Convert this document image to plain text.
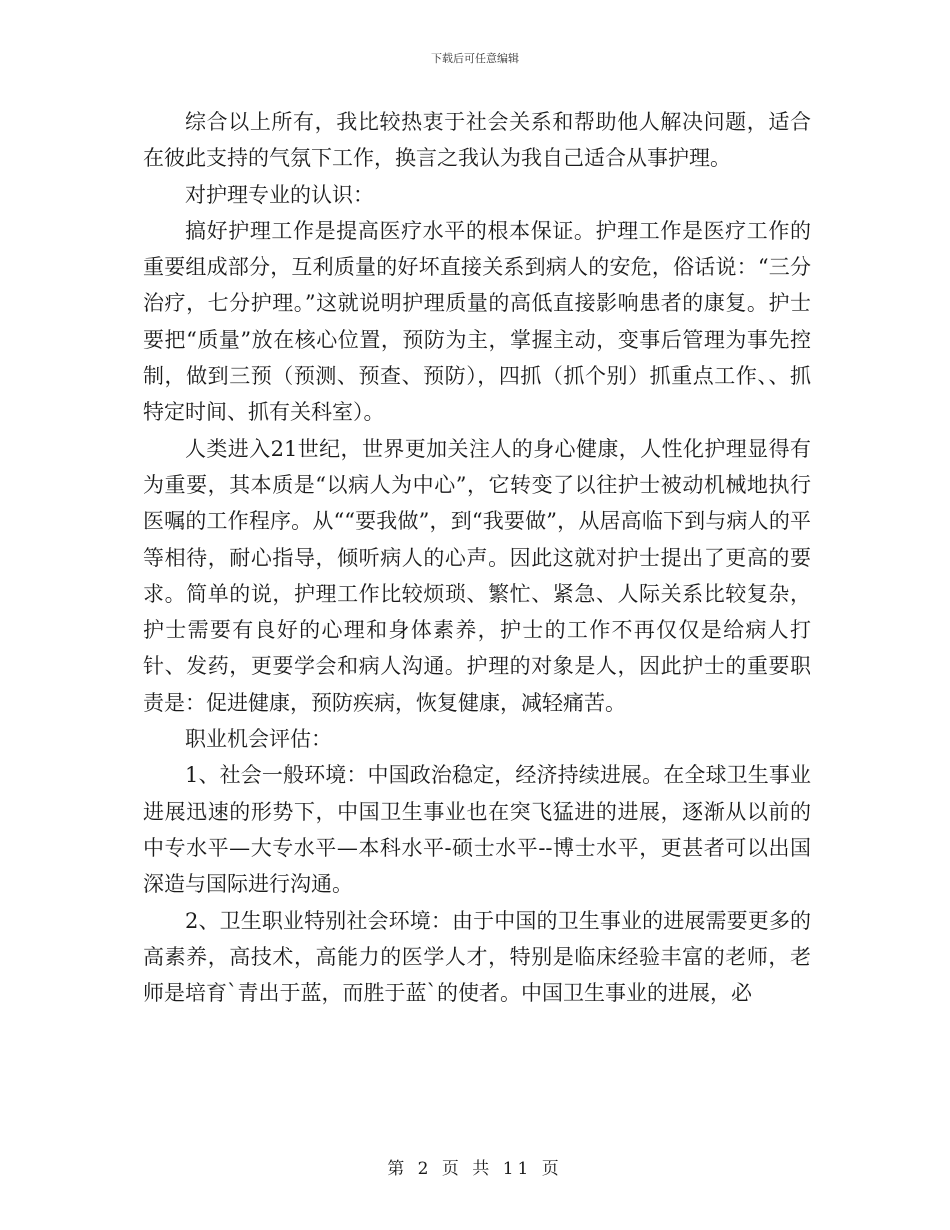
下载后可任意编辑

综合以上所有，我比较热衷于社会关系和帮助他人解决问题，适合在彼此支持的气氛下工作，换言之我认为我自己适合从事护理。

对护理专业的认识：

搞好护理工作是提高医疗水平的根本保证。护理工作是医疗工作的重要组成部分，互利质量的好坏直接关系到病人的安危，俗话说：“三分治疗，七分护理。”这就说明护理质量的高低直接影响患者的康复。护士要把“质量”放在核心位置，预防为主，掌握主动，变事后管理为事先控制，做到三预（预测、预查、预防），四抓（抓个别）抓重点工作、、抓特定时间、抓有关科室）。

人类进入21世纪，世界更加关注人的身心健康，人性化护理显得有为重要，其本质是“以病人为中心”，它转变了以往护士被动机械地执行医嘱的工作程序。从““要我做”，到“我要做”，从居高临下到与病人的平等相待，耐心指导，倾听病人的心声。因此这就对护士提出了更高的要求。简单的说，护理工作比较烦琐、繁忙、紧急、人际关系比较复杂，护士需要有良好的心理和身体素养，护士的工作不再仅仅是给病人打针、发药，更要学会和病人沟通。护理的对象是人，因此护士的重要职责是：促进健康，预防疾病，恢复健康，减轻痛苦。

职业机会评估：

1、社会一般环境：中国政治稳定，经济持续进展。在全球卫生事业进展迅速的形势下，中国卫生事业也在突飞猛进的进展，逐渐从以前的中专水平—大专水平—本科水平-硕士水平--博士水平，更甚者可以出国深造与国际进行沟通。

2、卫生职业特别社会环境：由于中国的卫生事业的进展需要更多的高素养，高技术，高能力的医学人才，特别是临床经验丰富的老师，老师是培育`青出于蓝，而胜于蓝`的使者。中国卫生事业的进展，必

第 2 页 共 11 页
